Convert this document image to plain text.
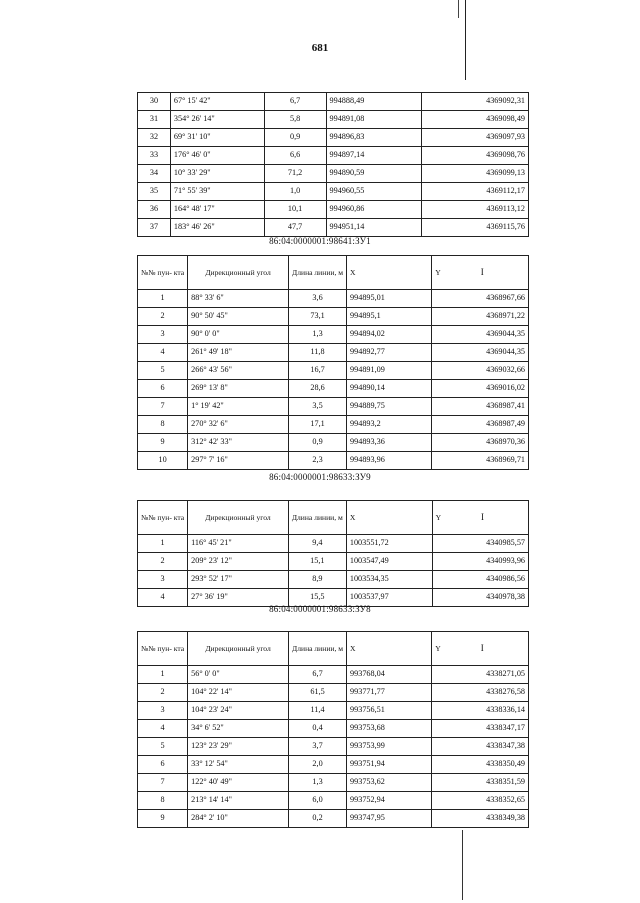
681
30	67° 15' 42"	6,7	994888,49	4369092,31
31	354° 26' 14"	5,8	994891,08	4369098,49
32	69° 31' 10"	0,9	994896,83	4369097,93
33	176° 46' 0"	6,6	994897,14	4369098,76
34	10° 33' 29"	71,2	994890,59	4369099,13
35	71° 55' 39"	1,0	994960,55	4369112,17
36	164° 48' 17"	10,1	994960,86	4369113,12
37	183° 46' 26"	47,7	994951,14	4369115,76
86:04:0000001:98641:ЗУ1
№№ пун- кта	Дирекционный угол	Длина линии, м	X	Y I
1	88° 33' 6"	3,6	994895,01	4368967,66
2	90° 50' 45"	73,1	994895,1	4368971,22
3	90° 0' 0"	1,3	994894,02	4369044,35
4	261° 49' 18"	11,8	994892,77	4369044,35
5	266° 43' 56"	16,7	994891,09	4369032,66
6	269° 13' 8"	28,6	994890,14	4369016,02
7	1° 19' 42"	3,5	994889,75	4368987,41
8	270° 32' 6"	17,1	994893,2	4368987,49
9	312° 42' 33"	0,9	994893,36	4368970,36
10	297° 7' 16"	2,3	994893,96	4368969,71
86:04:0000001:98633:ЗУ9
№№ пун- кта	Дирекционный угол	Длина линии, м	X	Y I
1	116° 45' 21"	9,4	1003551,72	4340985,57
2	209° 23' 12"	15,1	1003547,49	4340993,96
3	293° 52' 17"	8,9	1003534,35	4340986,56
4	27° 36' 19"	15,5	1003537,97	4340978,38
86:04:0000001:98633:ЗУ8
№№ пун- кта	Дирекционный угол	Длина линии, м	X	Y I
1	56° 0' 0"	6,7	993768,04	4338271,05
2	104° 22' 14"	61,5	993771,77	4338276,58
3	104° 23' 24"	11,4	993756,51	4338336,14
4	34° 6' 52"	0,4	993753,68	4338347,17
5	123° 23' 29"	3,7	993753,99	4338347,38
6	33° 12' 54"	2,0	993751,94	4338350,49
7	122° 40' 49"	1,3	993753,62	4338351,59
8	213° 14' 14"	6,0	993752,94	4338352,65
9	284° 2' 10"	0,2	993747,95	4338349,38
